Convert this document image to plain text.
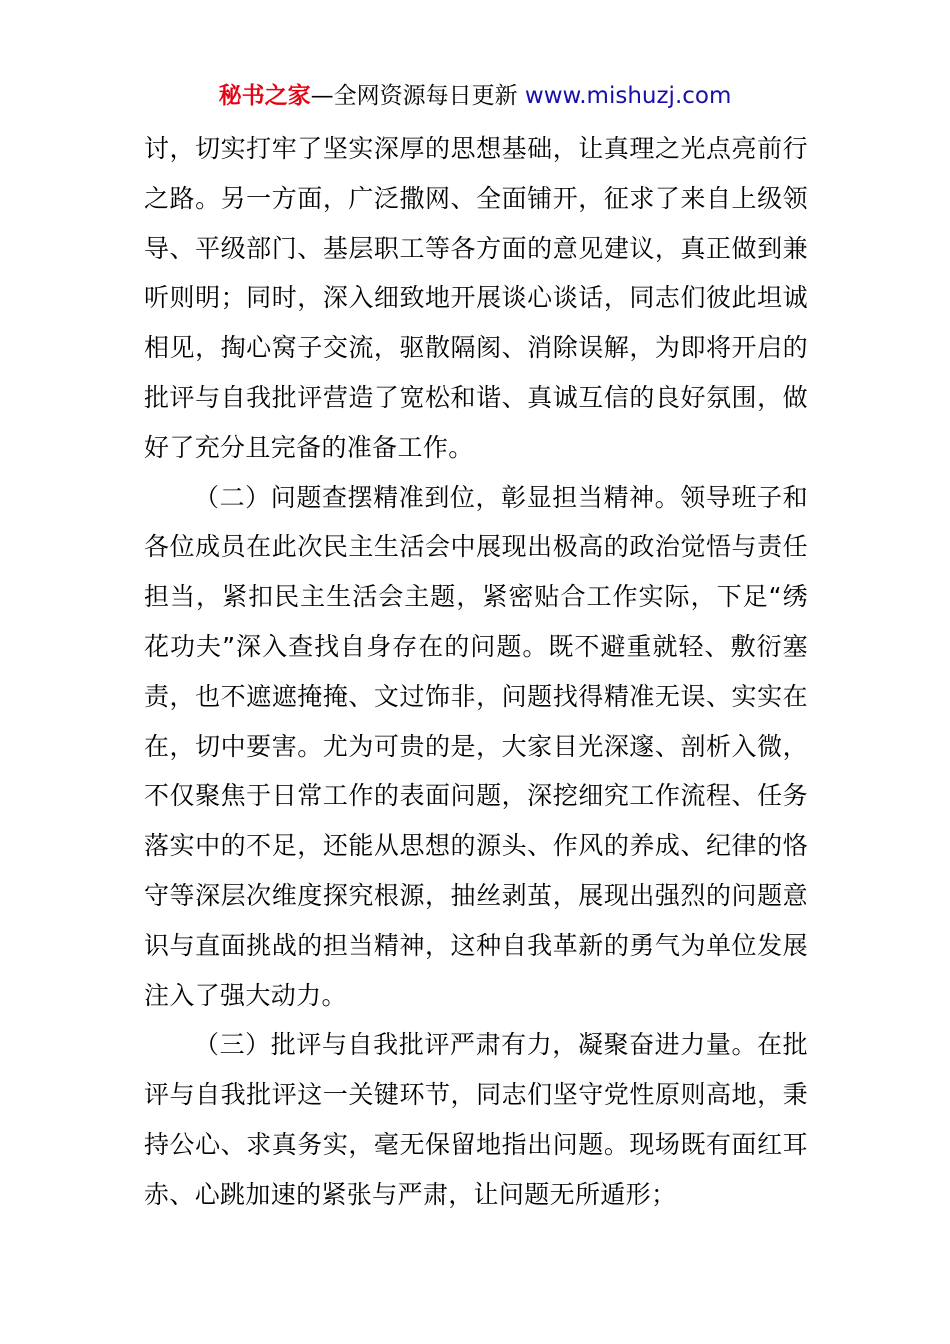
秘书之家—全网资源每日更新 www.mishuzj.com

讨，切实打牢了坚实深厚的思想基础，让真理之光点亮前行之路。另一方面，广泛撒网、全面铺开，征求了来自上级领导、平级部门、基层职工等各方面的意见建议，真正做到兼听则明；同时，深入细致地开展谈心谈话，同志们彼此坦诚相见，掏心窝子交流，驱散隔阂、消除误解，为即将开启的批评与自我批评营造了宽松和谐、真诚互信的良好氛围，做好了充分且完备的准备工作。

（二）问题查摆精准到位，彰显担当精神。领导班子和各位成员在此次民主生活会中展现出极高的政治觉悟与责任担当，紧扣民主生活会主题，紧密贴合工作实际，下足“绣花功夫”深入查找自身存在的问题。既不避重就轻、敷衍塞责，也不遮遮掩掩、文过饰非，问题找得精准无误、实实在在，切中要害。尤为可贵的是，大家目光深邃、剖析入微，不仅聚焦于日常工作的表面问题，深挖细究工作流程、任务落实中的不足，还能从思想的源头、作风的养成、纪律的恪守等深层次维度探究根源，抽丝剥茧，展现出强烈的问题意识与直面挑战的担当精神，这种自我革新的勇气为单位发展注入了强大动力。

（三）批评与自我批评严肃有力，凝聚奋进力量。在批评与自我批评这一关键环节，同志们坚守党性原则高地，秉持公心、求真务实，毫无保留地指出问题。现场既有面红耳赤、心跳加速的紧张与严肃，让问题无所遁形；
